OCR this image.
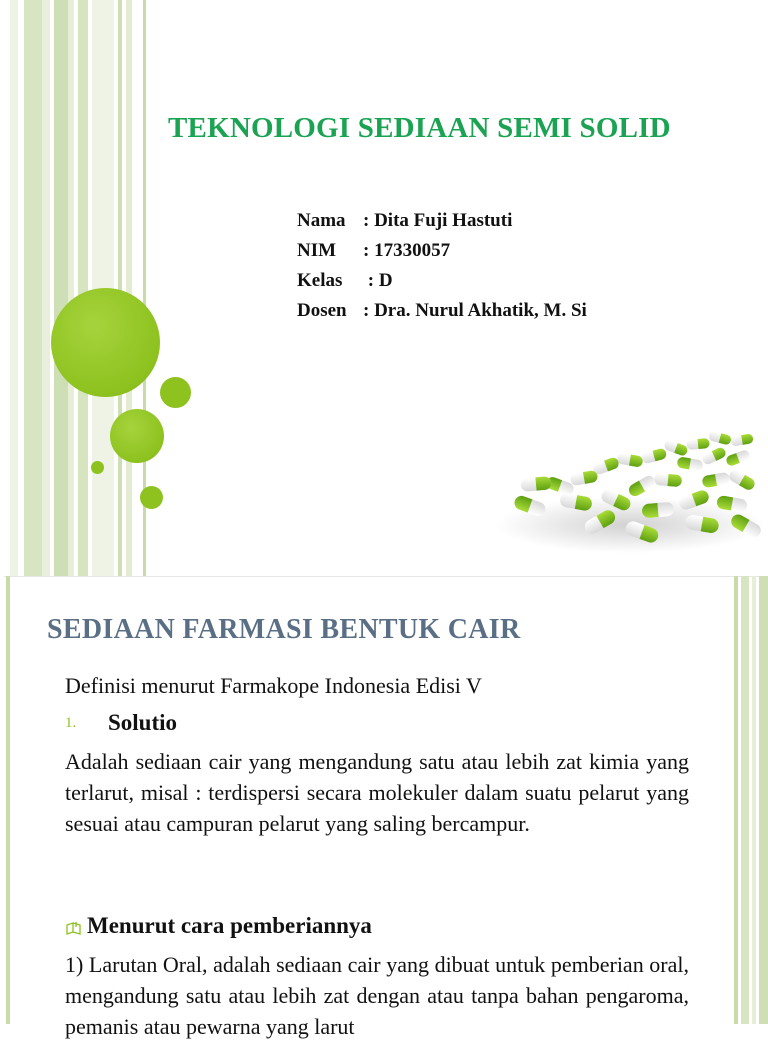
TEKNOLOGI SEDIAAN SEMI SOLID
Nama : Dita Fuji Hastuti
NIM : 17330057
Kelas : D
Dosen : Dra. Nurul Akhatik, M. Si
SEDIAAN FARMASI BENTUK CAIR
Definisi menurut Farmakope Indonesia Edisi V
1. Solutio
Adalah sediaan cair yang mengandung satu atau lebih zat kimia yang terlarut, misal : terdispersi secara molekuler dalam suatu pelarut yang sesuai atau campuran pelarut yang saling bercampur.
Menurut cara pemberiannya
1) Larutan Oral, adalah sediaan cair yang dibuat untuk pemberian oral, mengandung satu atau lebih zat dengan atau tanpa bahan pengaroma, pemanis atau pewarna yang larut
